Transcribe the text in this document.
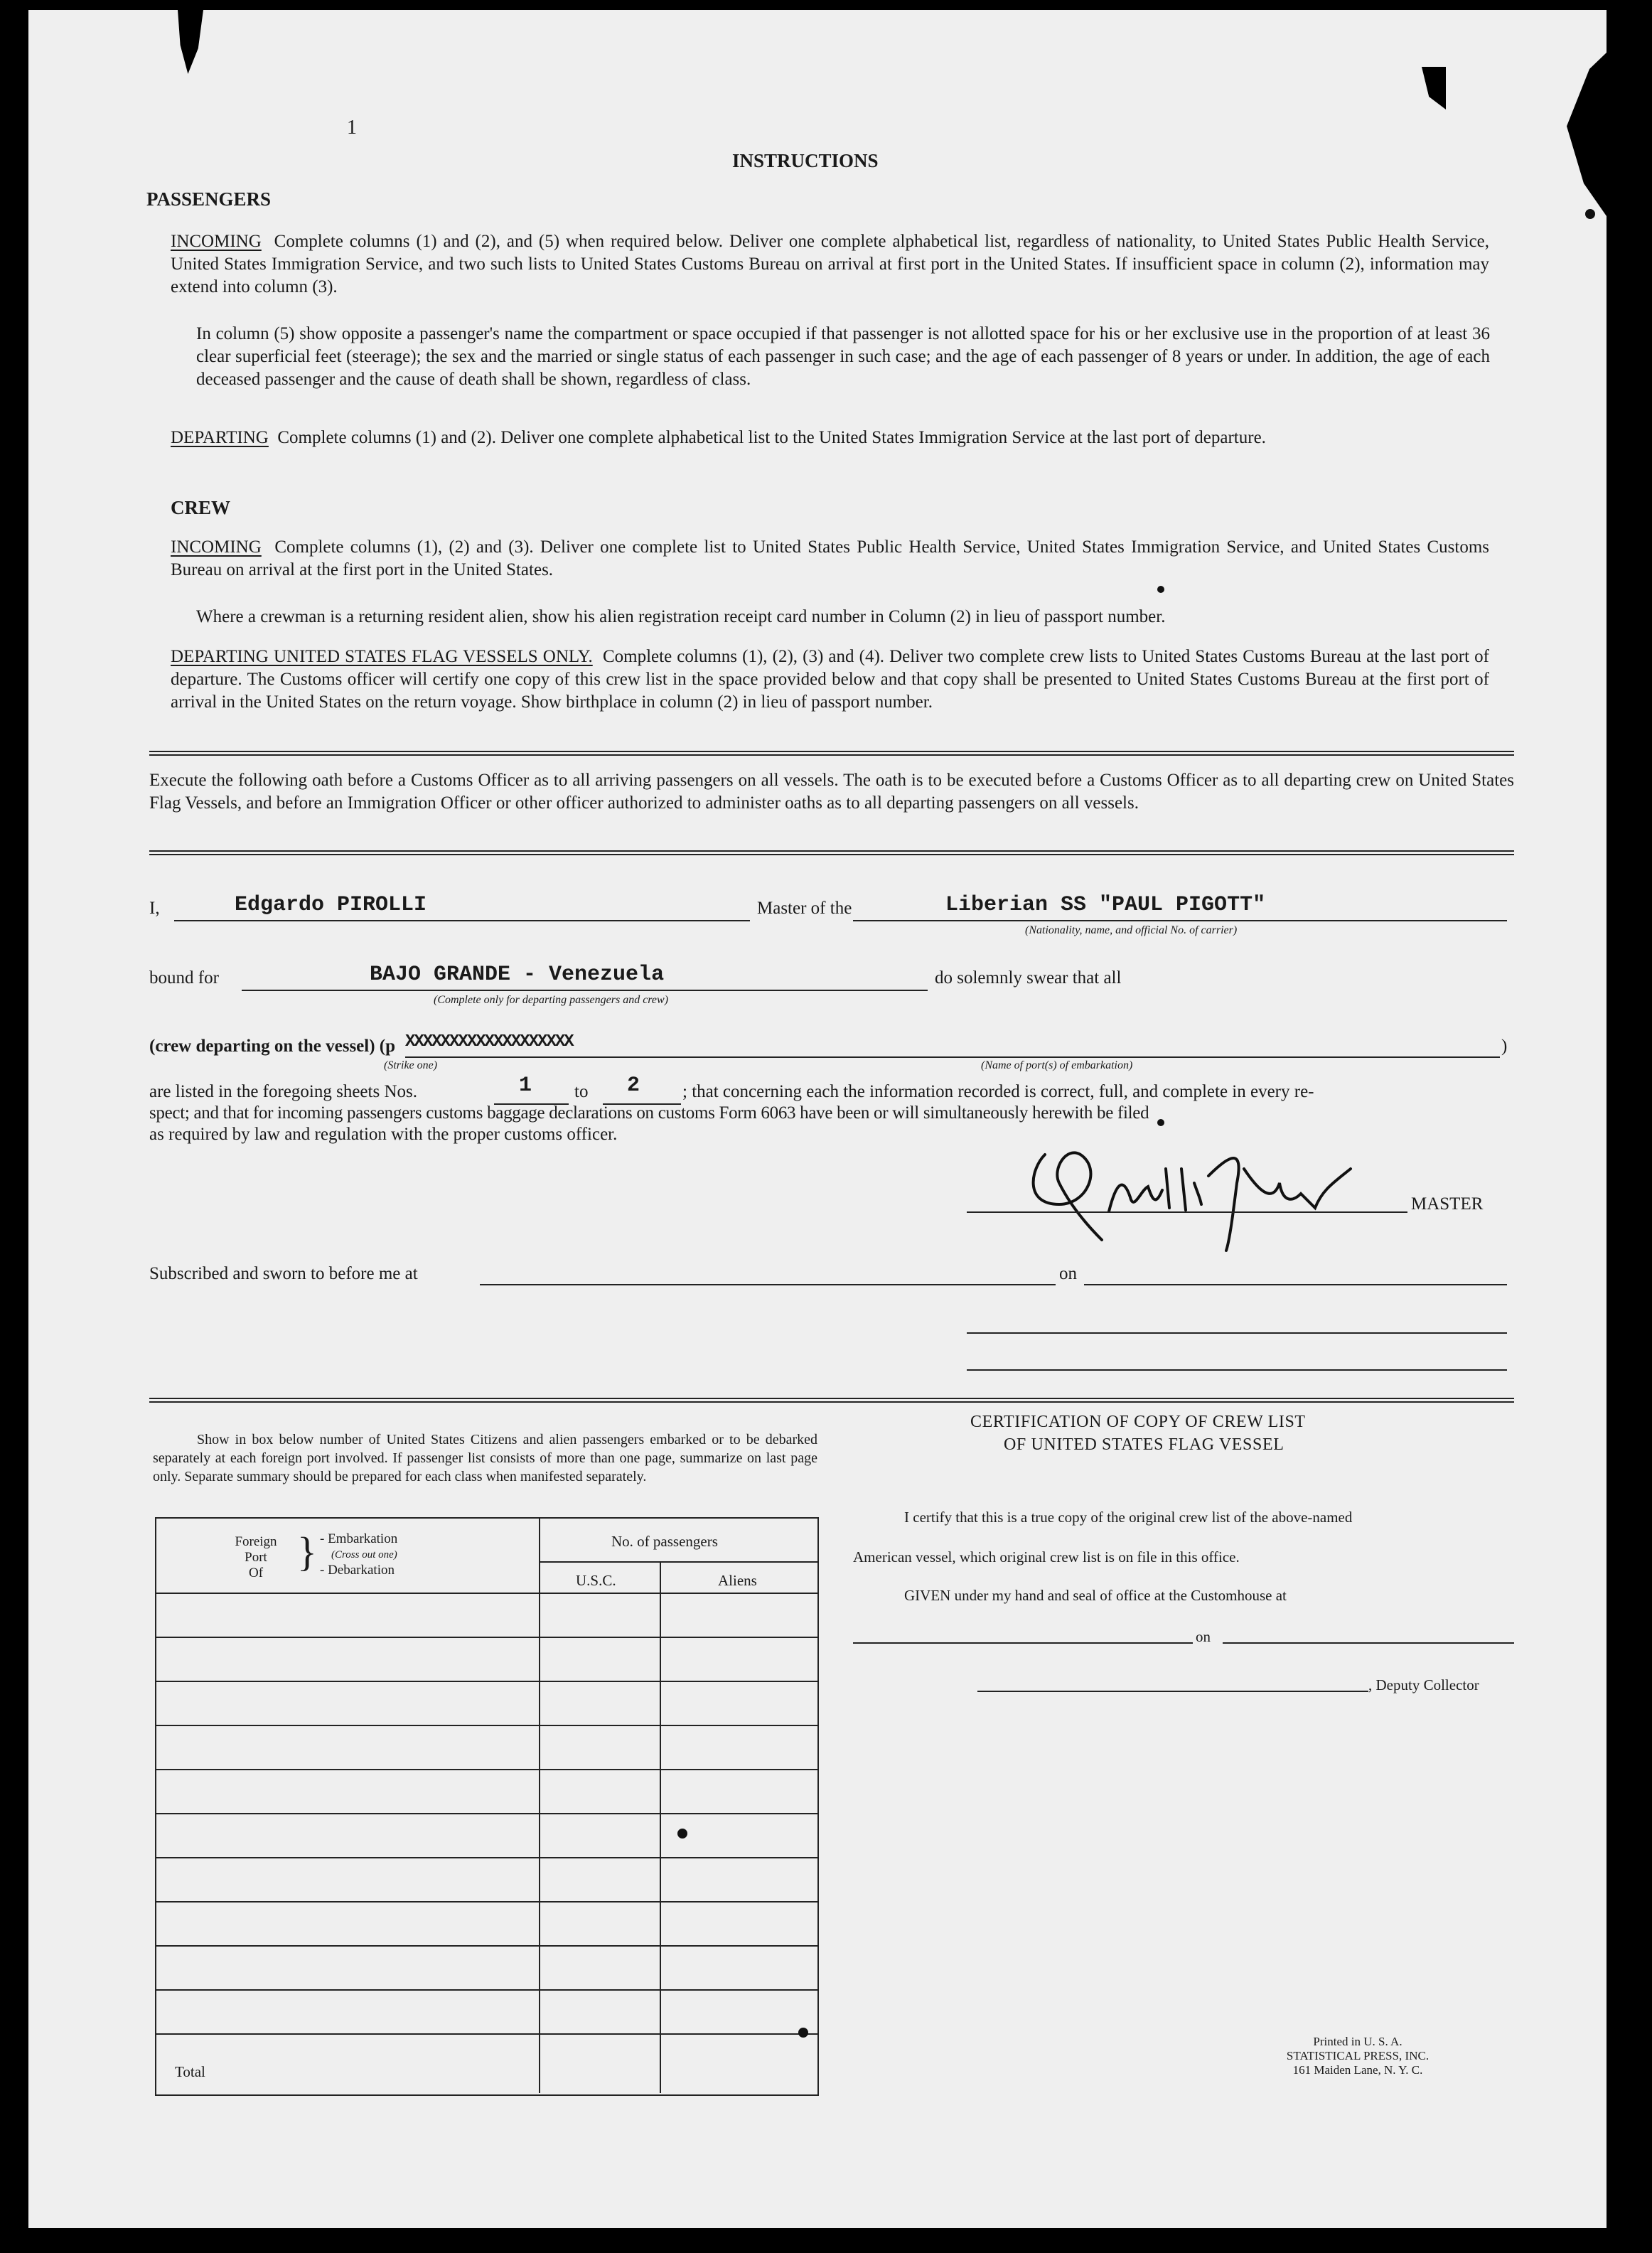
1

INSTRUCTIONS
PASSENGERS
INCOMING Complete columns (1) and (2), and (5) when required below. Deliver one complete alphabetical list, regardless of nationality, to United States Public Health Service, United States Immigration Service, and two such lists to United States Customs Bureau on arrival at first port in the United States. If insufficient space in column (2), information may extend into column (3).
In column (5) show opposite a passenger's name the compartment or space occupied if that passenger is not allotted space for his or her exclusive use in the proportion of at least 36 clear superficial feet (steerage); the sex and the married or single status of each passenger in such case; and the age of each passenger of 8 years or under. In addition, the age of each deceased passenger and the cause of death shall be shown, regardless of class.
DEPARTING Complete columns (1) and (2). Deliver one complete alphabetical list to the United States Immigration Service at the last port of departure.
CREW
INCOMING Complete columns (1), (2) and (3). Deliver one complete list to United States Public Health Service, United States Immigration Service, and United States Customs Bureau on arrival at the first port in the United States.
Where a crewman is a returning resident alien, show his alien registration receipt card number in Column (2) in lieu of passport number.
DEPARTING UNITED STATES FLAG VESSELS ONLY. Complete columns (1), (2), (3) and (4). Deliver two complete crew lists to United States Customs Bureau at the last port of departure. The Customs officer will certify one copy of this crew list in the space provided below and that copy shall be presented to United States Customs Bureau at the first port of arrival in the United States on the return voyage. Show birthplace in column (2) in lieu of passport number.
Execute the following oath before a Customs Officer as to all arriving passengers on all vessels. The oath is to be executed before a Customs Officer as to all departing crew on United States Flag Vessels, and before an Immigration Officer or other officer authorized to administer oaths as to all departing passengers on all vessels.
I,	Edgardo PIROLLI	Master of the	Liberian SS "PAUL PIGOTT"
(Nationality, name, and official No. of carrier)
bound for	BAJO GRANDE - Venezuela
(Complete only for departing passengers and crew)
do solemnly swear that all
(crew departing on the vessel) (p XXXXXXXXXXXXXXXXXXX	)
(Strike one)	(Name of port(s) of embarkation)
are listed in the foregoing sheets Nos.	1 to 2 ; that concerning each the information recorded is correct, full, and complete in every re-
spect; and that for incoming passengers customs baggage declarations on customs Form 6063 have been or will simultaneously herewith be filed
as required by law and regulation with the proper customs officer.
MASTER
Subscribed and sworn to before me at	on
Show in box below number of United States Citizens and alien passengers embarked or to be debarked separately at each foreign port involved. If passenger list consists of more than one page, summarize on last page only. Separate summary should be prepared for each class when manifested separately.
Foreign
Port
Of } - Embarkation
(Cross out one)
- Debarkation
No. of passengers
U.S.C.	Aliens
Total
CERTIFICATION OF COPY OF CREW LIST
OF UNITED STATES FLAG VESSEL
I certify that this is a true copy of the original crew list of the above-named
American vessel, which original crew list is on file in this office.
GIVEN under my hand and seal of office at the Customhouse at
on
, Deputy Collector
Printed in U. S. A.
STATISTICAL PRESS, INC.
161 Maiden Lane, N. Y. C.
